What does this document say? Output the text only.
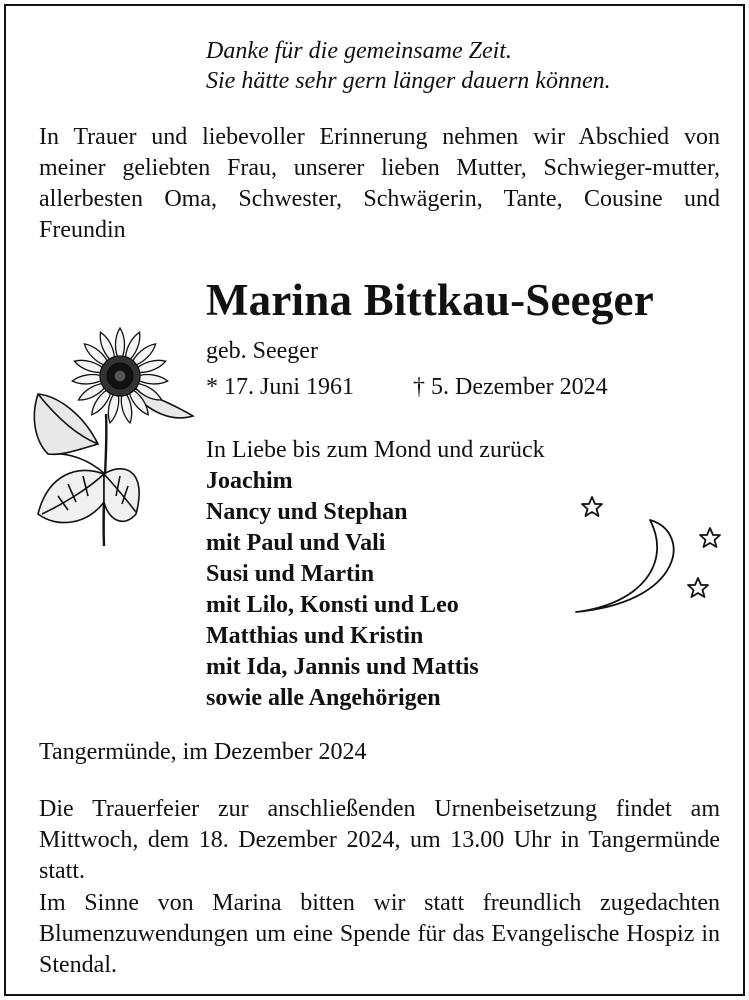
Danke für die gemeinsame Zeit.
Sie hätte sehr gern länger dauern können.
In Trauer und liebevoller Erinnerung nehmen wir Abschied von meiner geliebten Frau, unserer lieben Mutter, Schwieger-mutter, allerbesten Oma, Schwester, Schwägerin, Tante, Cousine und Freundin
Marina Bittkau-Seeger
geb. Seeger
* 17. Juni 1961 † 5. Dezember 2024
In Liebe bis zum Mond und zurück
Joachim
Nancy und Stephan
mit Paul und Vali
Susi und Martin
mit Lilo, Konsti und Leo
Matthias und Kristin
mit Ida, Jannis und Mattis
sowie alle Angehörigen
Tangermünde, im Dezember 2024

Die Trauerfeier zur anschließenden Urnenbeisetzung findet am Mittwoch, dem 18. Dezember 2024, um 13.00 Uhr in Tangermünde statt.

Im Sinne von Marina bitten wir statt freundlich zugedachten Blumenzuwendungen um eine Spende für das Evangelische Hospiz in Stendal.
